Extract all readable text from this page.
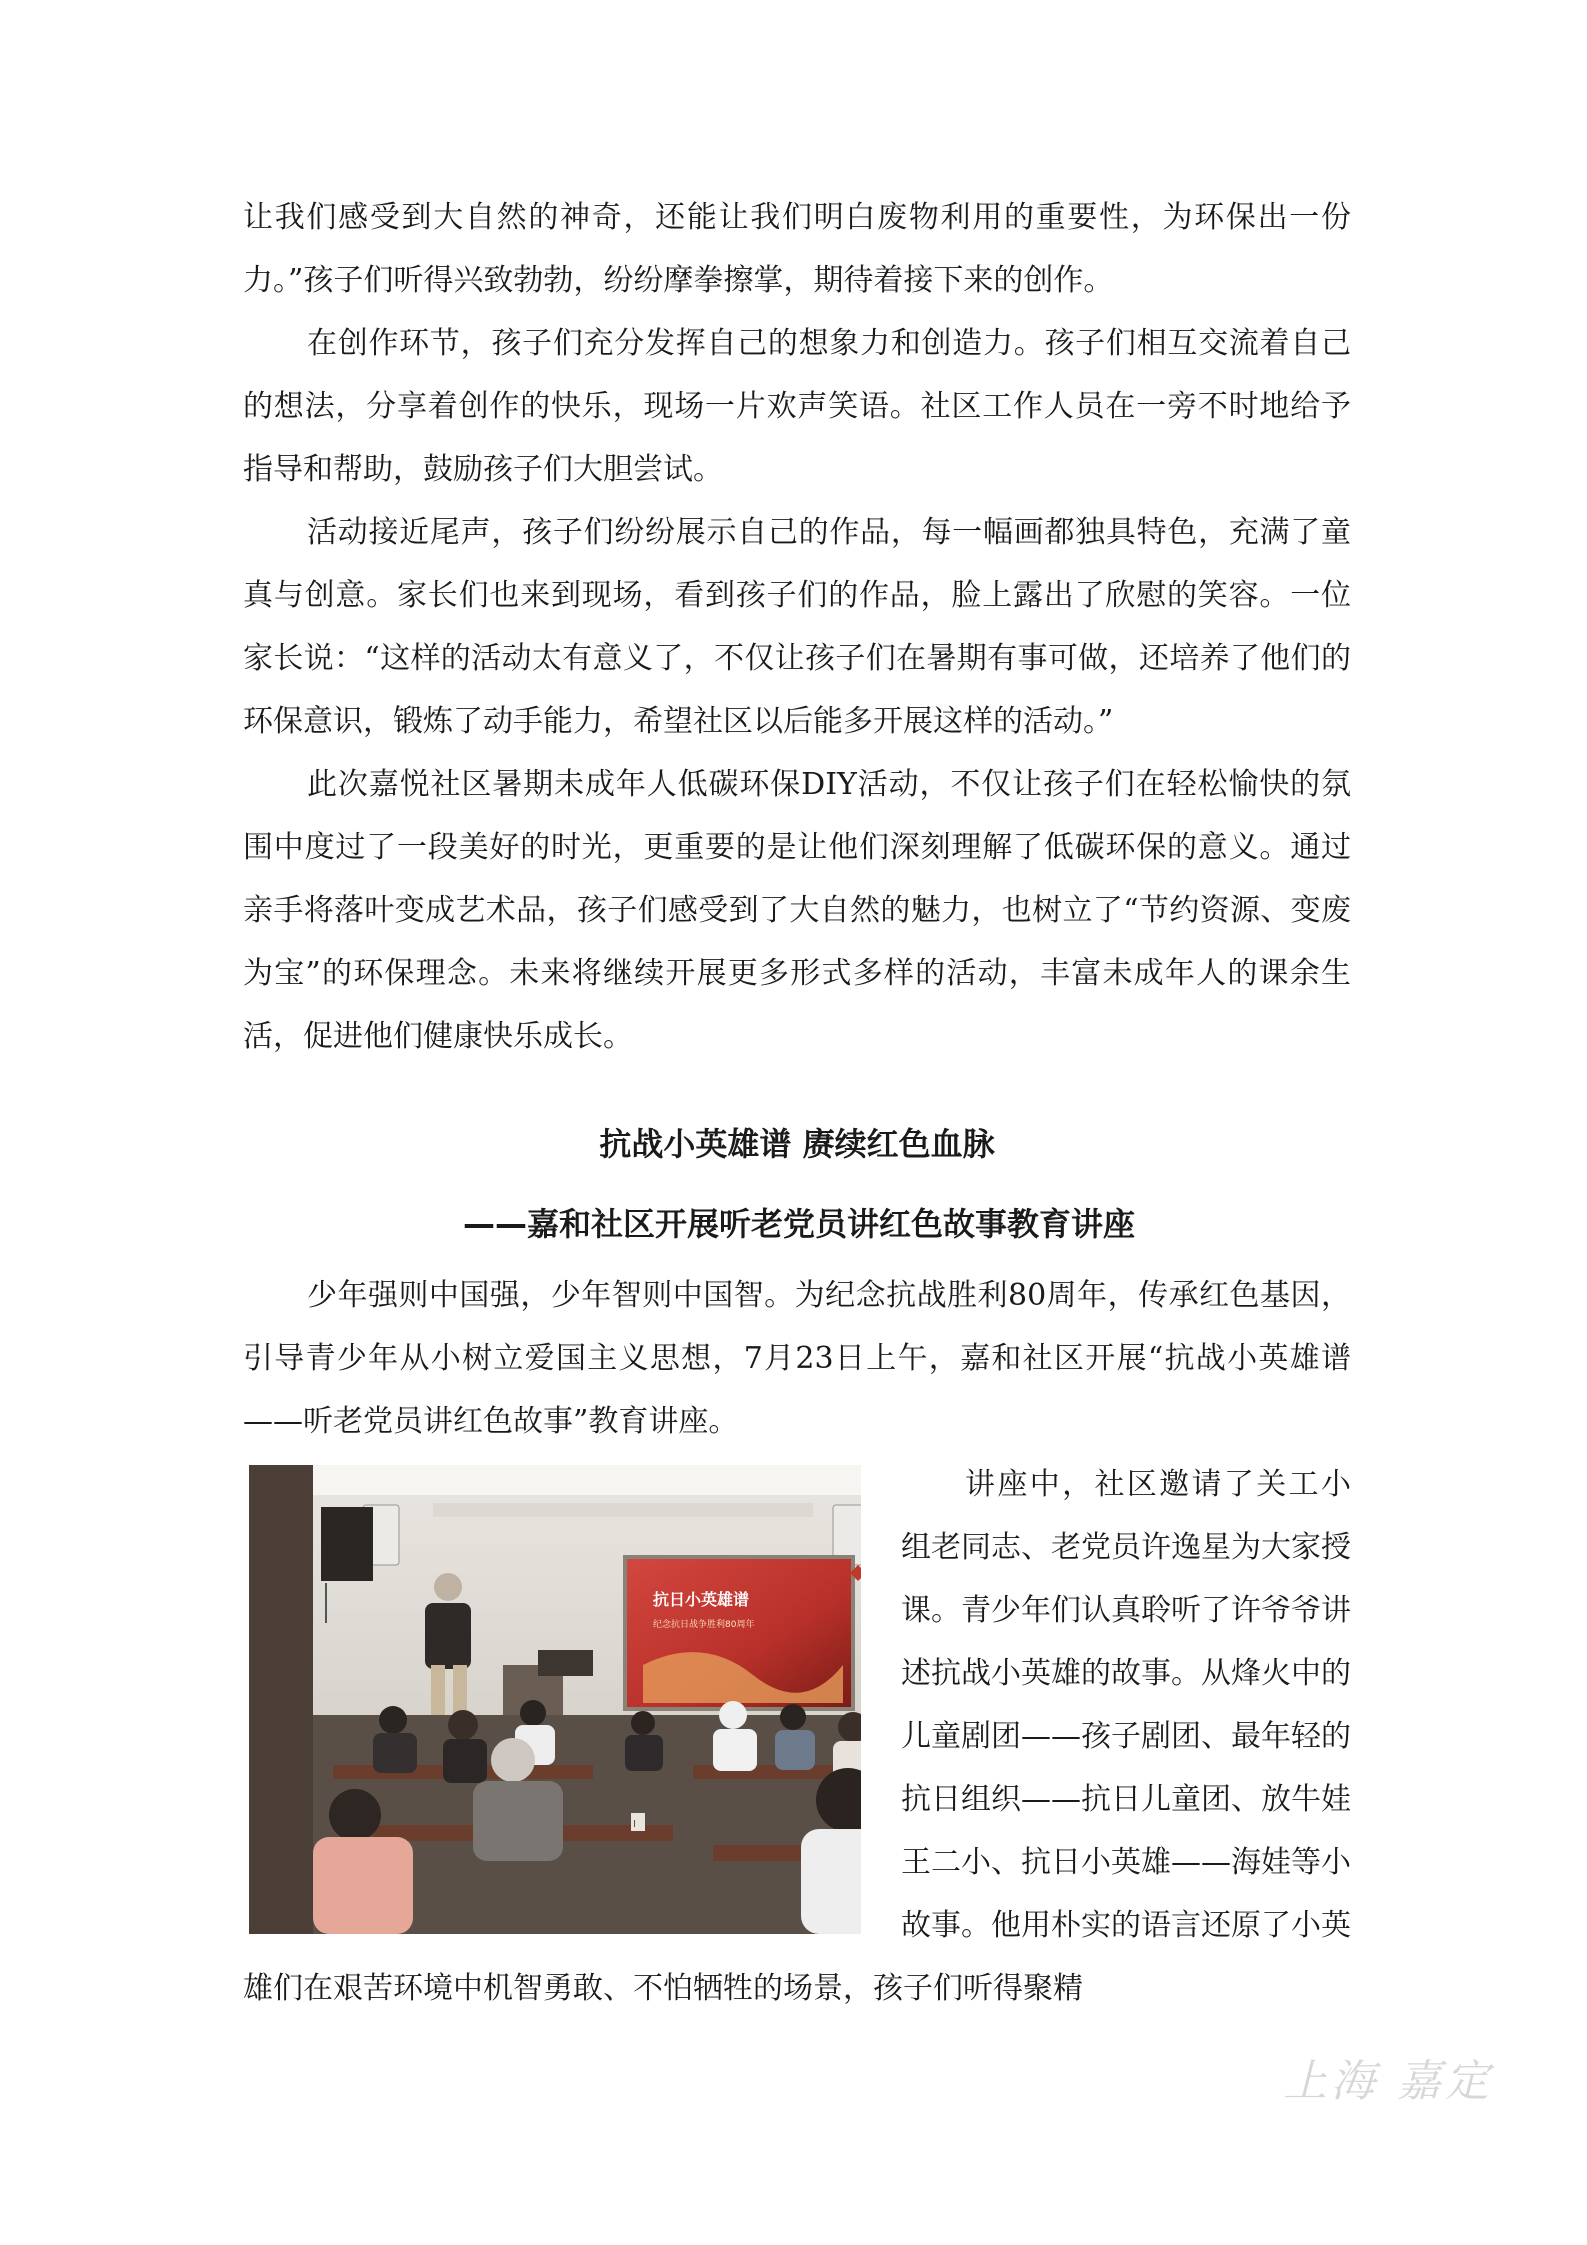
让我们感受到大自然的神奇，还能让我们明白废物利用的重要性，为环保出一份力。”孩子们听得兴致勃勃，纷纷摩拳擦掌，期待着接下来的创作。

在创作环节，孩子们充分发挥自己的想象力和创造力。孩子们相互交流着自己的想法，分享着创作的快乐，现场一片欢声笑语。社区工作人员在一旁不时地给予指导和帮助，鼓励孩子们大胆尝试。

活动接近尾声，孩子们纷纷展示自己的作品，每一幅画都独具特色，充满了童真与创意。家长们也来到现场，看到孩子们的作品，脸上露出了欣慰的笑容。一位家长说：“这样的活动太有意义了，不仅让孩子们在暑期有事可做，还培养了他们的环保意识，锻炼了动手能力，希望社区以后能多开展这样的活动。”

此次嘉悦社区暑期未成年人低碳环保DIY活动，不仅让孩子们在轻松愉快的氛围中度过了一段美好的时光，更重要的是让他们深刻理解了低碳环保的意义。通过亲手将落叶变成艺术品，孩子们感受到了大自然的魅力，也树立了“节约资源、变废为宝”的环保理念。未来将继续开展更多形式多样的活动，丰富未成年人的课余生活，促进他们健康快乐成长。

抗战小英雄谱 赓续红色血脉
——嘉和社区开展听老党员讲红色故事教育讲座

少年强则中国强，少年智则中国智。为纪念抗战胜利80周年，传承红色基因，引导青少年从小树立爱国主义思想，7月23日上午，嘉和社区开展“抗战小英雄谱——听老党员讲红色故事”教育讲座。

抗日小英雄谱
纪念抗日战争胜利80周年
I
讲座中，社区邀请了关工小组老同志、老党员许逸星为大家授课。青少年们认真聆听了许爷爷讲述抗战小英雄的故事。从烽火中的儿童剧团——孩子剧团、最年轻的抗日组织——抗日儿童团、放牛娃王二小、抗日小英雄——海娃等小故事。他用朴实的语言还原了小英雄们在艰苦环境中机智勇敢、不怕牺牲的场景，孩子们听得聚精

上海 嘉定
